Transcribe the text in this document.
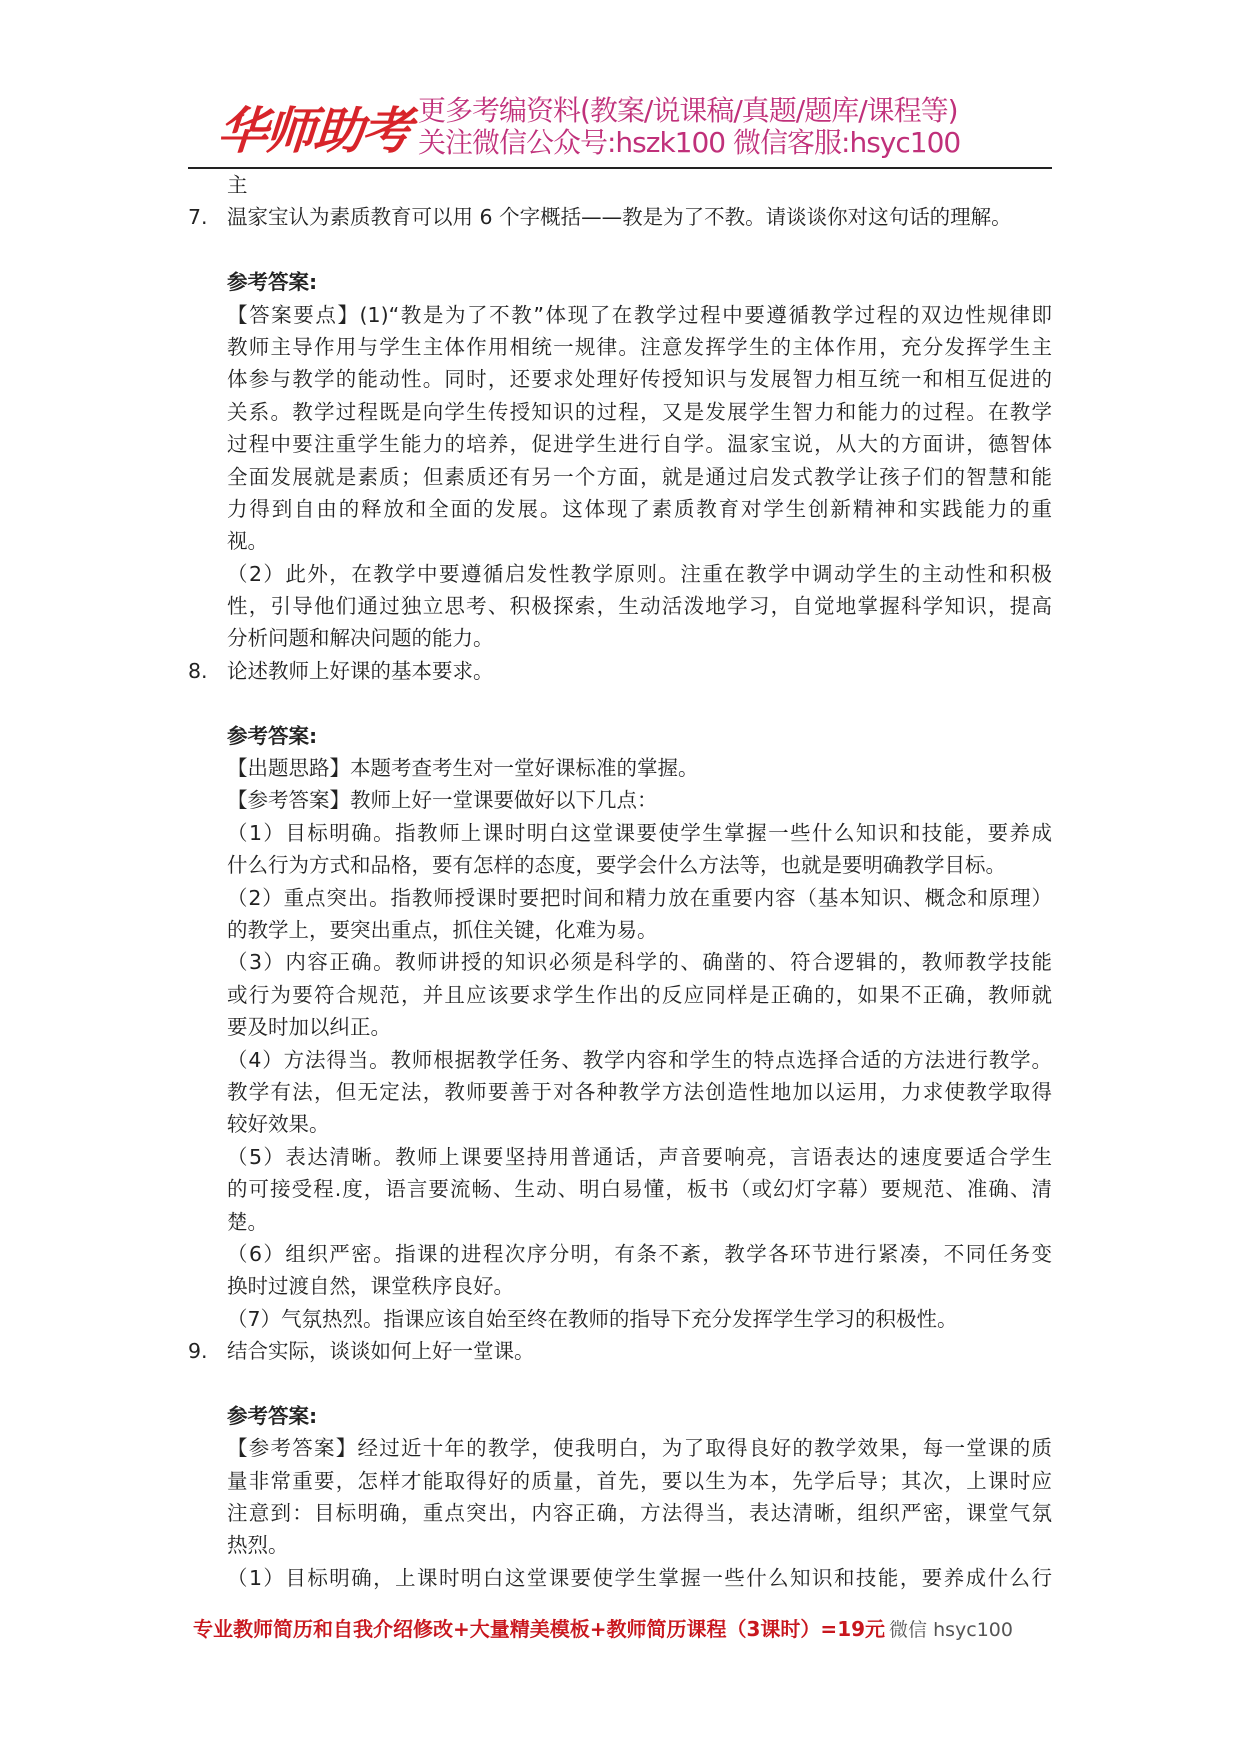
华师助考 更多考编资料(教案/说课稿/真题/题库/课程等)
关注微信公众号:hszk100 微信客服:hsyc100
主
7. 温家宝认为素质教育可以用 6 个字概括——教是为了不教。请谈谈你对这句话的理解。
参考答案:
【答案要点】(1)“教是为了不教”体现了在教学过程中要遵循教学过程的双边性规律即
教师主导作用与学生主体作用相统一规律。注意发挥学生的主体作用，充分发挥学生主
体参与教学的能动性。同时，还要求处理好传授知识与发展智力相互统一和相互促进的
关系。教学过程既是向学生传授知识的过程，又是发展学生智力和能力的过程。在教学
过程中要注重学生能力的培养，促进学生进行自学。温家宝说，从大的方面讲，德智体
全面发展就是素质；但素质还有另一个方面，就是通过启发式教学让孩子们的智慧和能
力得到自由的释放和全面的发展。这体现了素质教育对学生创新精神和实践能力的重
视。
（2）此外，在教学中要遵循启发性教学原则。注重在教学中调动学生的主动性和积极
性，引导他们通过独立思考、积极探索，生动活泼地学习，自觉地掌握科学知识，提高
分析问题和解决问题的能力。
8. 论述教师上好课的基本要求。
参考答案:
【出题思路】本题考查考生对一堂好课标准的掌握。
【参考答案】教师上好一堂课要做好以下几点：
（1）目标明确。指教师上课时明白这堂课要使学生掌握一些什么知识和技能，要养成
什么行为方式和品格，要有怎样的态度，要学会什么方法等，也就是要明确教学目标。
（2）重点突出。指教师授课时要把时间和精力放在重要内容（基本知识、概念和原理）
的教学上，要突出重点，抓住关键，化难为易。
（3）内容正确。教师讲授的知识必须是科学的、确凿的、符合逻辑的，教师教学技能
或行为要符合规范，并且应该要求学生作出的反应同样是正确的，如果不正确，教师就
要及时加以纠正。
（4）方法得当。教师根据教学任务、教学内容和学生的特点选择合适的方法进行教学。
教学有法，但无定法，教师要善于对各种教学方法创造性地加以运用，力求使教学取得
较好效果。
（5）表达清晰。教师上课要坚持用普通话，声音要响亮，言语表达的速度要适合学生
的可接受程.度，语言要流畅、生动、明白易懂，板书（或幻灯字幕）要规范、准确、清
楚。
（6）组织严密。指课的进程次序分明，有条不紊，教学各环节进行紧凑，不同任务变
换时过渡自然，课堂秩序良好。
（7）气氛热烈。指课应该自始至终在教师的指导下充分发挥学生学习的积极性。
9. 结合实际，谈谈如何上好一堂课。
参考答案:
【参考答案】经过近十年的教学，使我明白，为了取得良好的教学效果，每一堂课的质
量非常重要，怎样才能取得好的质量，首先，要以生为本，先学后导；其次，上课时应
注意到：目标明确，重点突出，内容正确，方法得当，表达清晰，组织严密，课堂气氛
热烈。
（1）目标明确，上课时明白这堂课要使学生掌握一些什么知识和技能，要养成什么行
专业教师简历和自我介绍修改+大量精美模板+教师简历课程（3课时）=19元 微信 hsyc100
